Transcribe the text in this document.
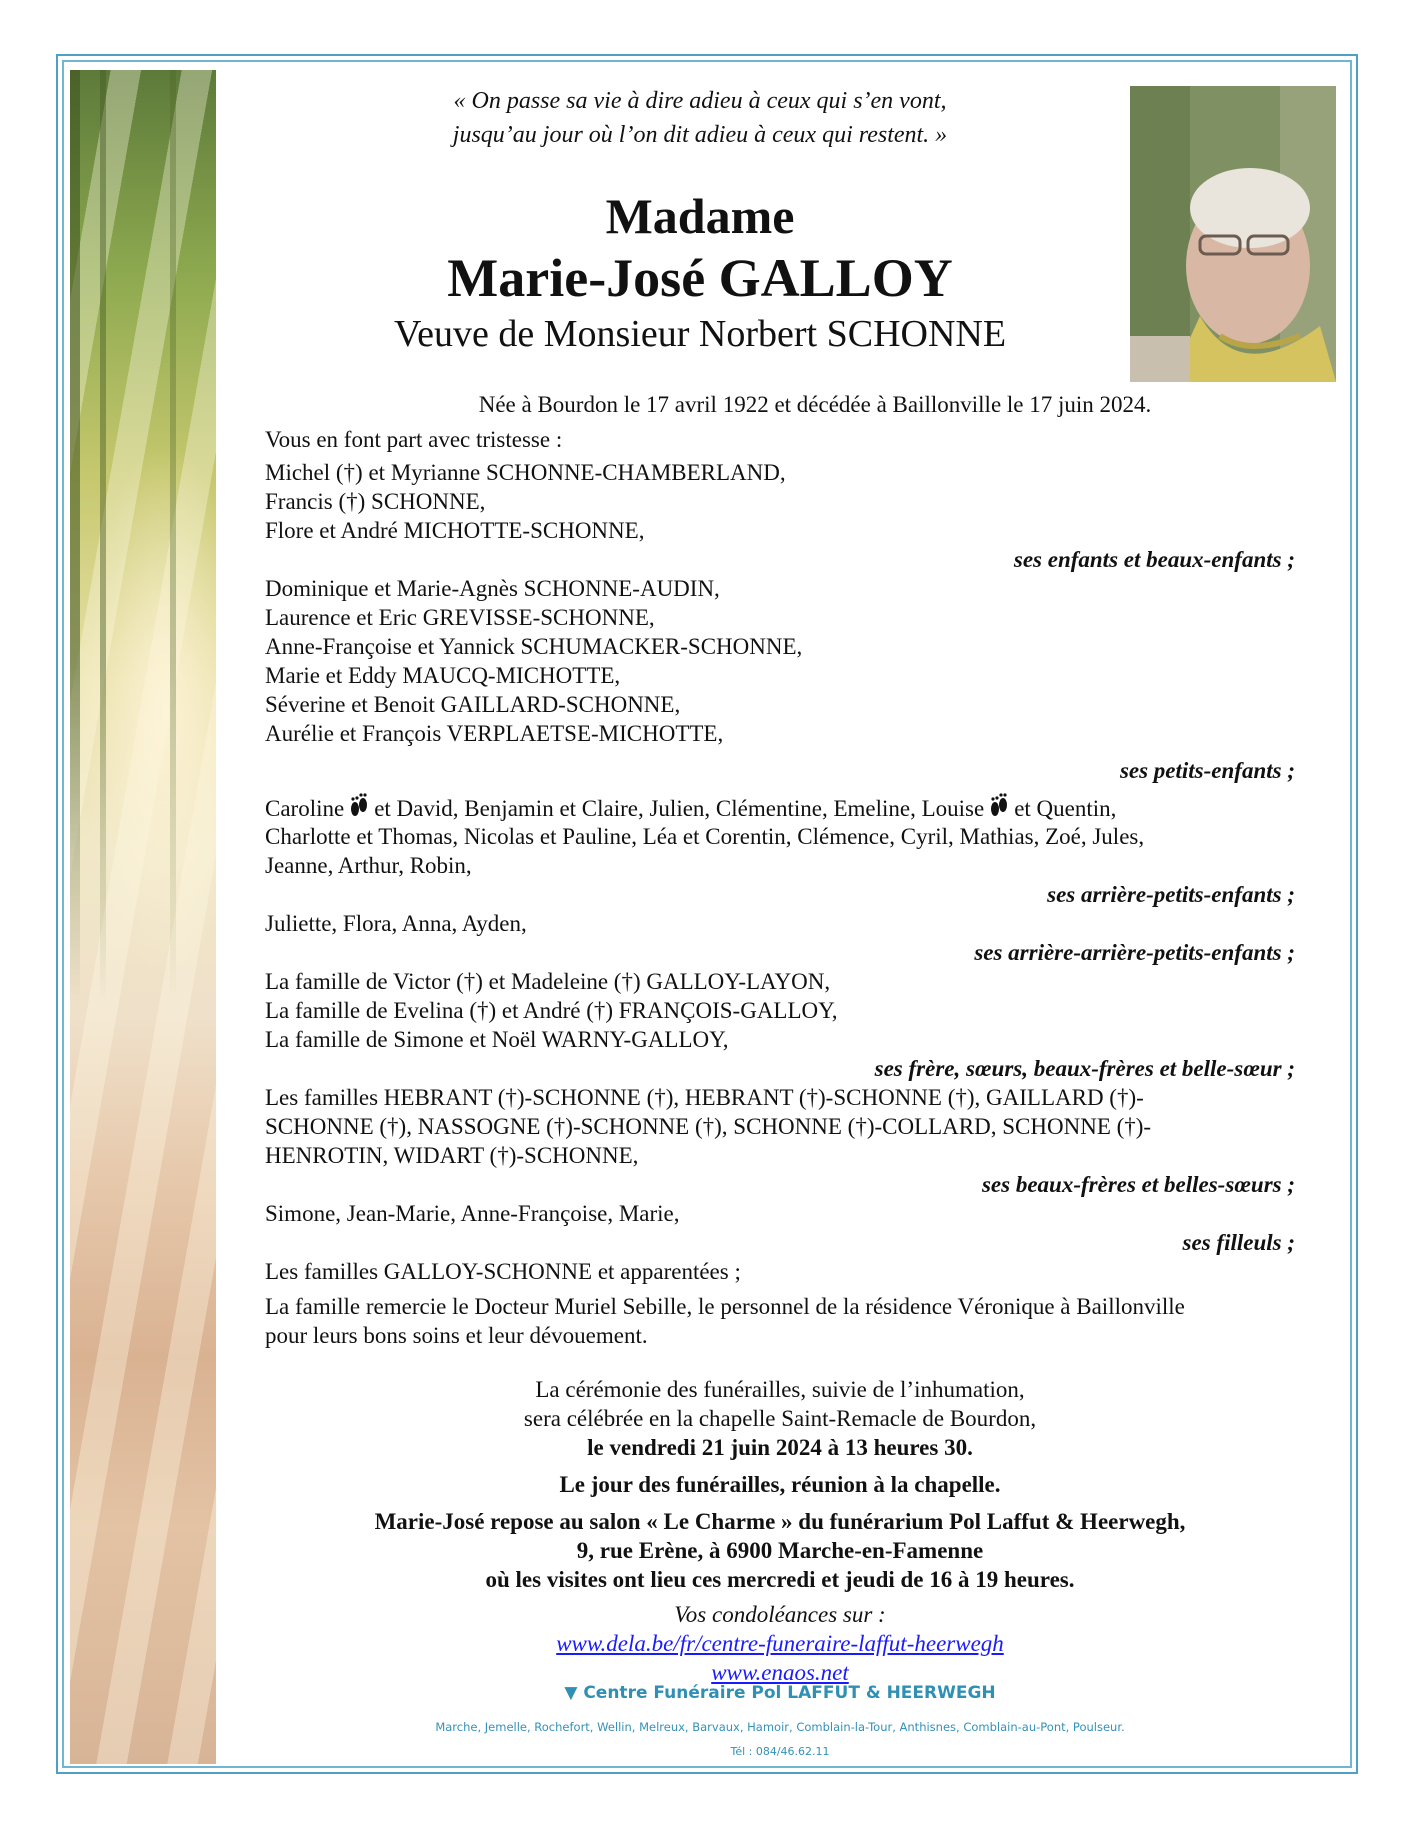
« On passe sa vie à dire adieu à ceux qui s’en vont,
jusqu’au jour où l’on dit adieu à ceux qui restent. »
Madame
Marie-José GALLOY
Veuve de Monsieur Norbert SCHONNE
Née à Bourdon le 17 avril 1922 et décédée à Baillonville le 17 juin 2024.
Vous en font part avec tristesse :
Michel (†) et Myrianne SCHONNE-CHAMBERLAND,
Francis (†) SCHONNE,
Flore et André MICHOTTE-SCHONNE,
ses enfants et beaux-enfants ;
Dominique et Marie-Agnès SCHONNE-AUDIN,
Laurence et Eric GREVISSE-SCHONNE,
Anne-Françoise et Yannick SCHUMACKER-SCHONNE,
Marie et Eddy MAUCQ-MICHOTTE,
Séverine et Benoit GAILLARD-SCHONNE,
Aurélie et François VERPLAETSE-MICHOTTE,
ses petits-enfants ;
Caroline et David, Benjamin et Claire, Julien, Clémentine, Emeline, Louise et Quentin,
Charlotte et Thomas, Nicolas et Pauline, Léa et Corentin, Clémence, Cyril, Mathias, Zoé, Jules,
Jeanne, Arthur, Robin,
ses arrière-petits-enfants ;
Juliette, Flora, Anna, Ayden,
ses arrière-arrière-petits-enfants ;
La famille de Victor (†) et Madeleine (†) GALLOY-LAYON,
La famille de Evelina (†) et André (†) FRANÇOIS-GALLOY,
La famille de Simone et Noël WARNY-GALLOY,
ses frère, sœurs, beaux-frères et belle-sœur ;
Les familles HEBRANT (†)-SCHONNE (†), HEBRANT (†)-SCHONNE (†), GAILLARD (†)-
SCHONNE (†), NASSOGNE (†)-SCHONNE (†), SCHONNE (†)-COLLARD, SCHONNE (†)-
HENROTIN, WIDART (†)-SCHONNE,
ses beaux-frères et belles-sœurs ;
Simone, Jean-Marie, Anne-Françoise, Marie,
ses filleuls ;
Les familles GALLOY-SCHONNE et apparentées ;
La famille remercie le Docteur Muriel Sebille, le personnel de la résidence Véronique à Baillonville
pour leurs bons soins et leur dévouement.
La cérémonie des funérailles, suivie de l’inhumation,
sera célébrée en la chapelle Saint-Remacle de Bourdon,
le vendredi 21 juin 2024 à 13 heures 30.
Le jour des funérailles, réunion à la chapelle.
Marie-José repose au salon « Le Charme » du funérarium Pol Laffut & Heerwegh,
9, rue Erène, à 6900 Marche-en-Famenne
où les visites ont lieu ces mercredi et jeudi de 16 à 19 heures.
Vos condoléances sur :
www.dela.be/fr/centre-funeraire-laffut-heerwegh
www.enaos.net
▼ Centre Funéraire Pol LAFFUT & HEERWEGH
Marche, Jemelle, Rochefort, Wellin, Melreux, Barvaux, Hamoir, Comblain-la-Tour, Anthisnes, Comblain-au-Pont, Poulseur.
Tél : 084/46.62.11
